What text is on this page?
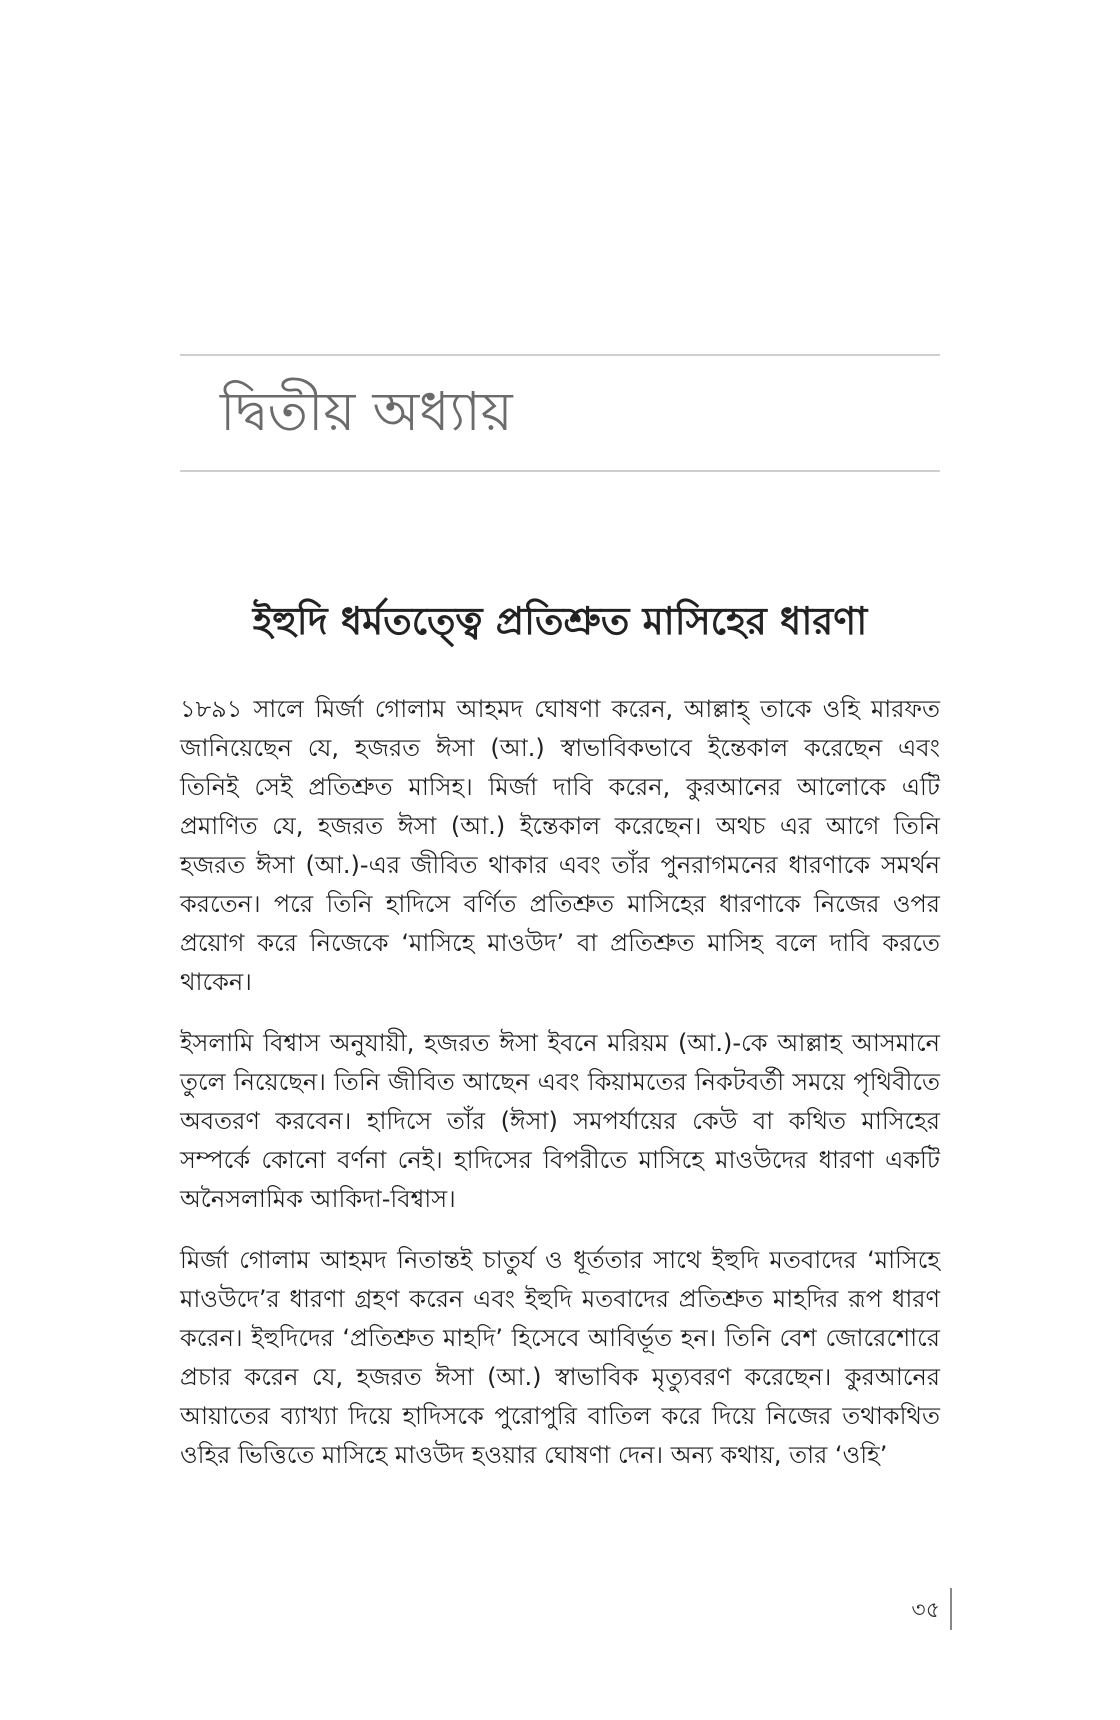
দ্বিতীয় অধ্যায়
ইহুদি ধর্মতত্ত্বে প্রতিশ্রুত মাসিহের ধারণা

১৮৯১ সালে মির্জা গোলাম আহমদ ঘোষণা করেন, আল্লাহ্ তাকে ওহি মারফত জানিয়েছেন যে, হজরত ঈসা (আ.) স্বাভাবিকভাবে ইন্তেকাল করেছেন এবং তিনিই সেই প্রতিশ্রুত মাসিহ। মির্জা দাবি করেন, কুরআনের আলোকে এটি প্রমাণিত যে, হজরত ঈসা (আ.) ইন্তেকাল করেছেন। অথচ এর আগে তিনি হজরত ঈসা (আ.)-এর জীবিত থাকার এবং তাঁর পুনরাগমনের ধারণাকে সমর্থন করতেন। পরে তিনি হাদিসে বর্ণিত প্রতিশ্রুত মাসিহের ধারণাকে নিজের ওপর প্রয়োগ করে নিজেকে ‘মাসিহে মাওউদ’ বা প্রতিশ্রুত মাসিহ বলে দাবি করতে থাকেন।

ইসলামি বিশ্বাস অনুযায়ী, হজরত ঈসা ইবনে মরিয়ম (আ.)-কে আল্লাহ আসমানে তুলে নিয়েছেন। তিনি জীবিত আছেন এবং কিয়ামতের নিকটবর্তী সময়ে পৃথিবীতে অবতরণ করবেন। হাদিসে তাঁর (ঈসা) সমপর্যায়ের কেউ বা কথিত মাসিহের সম্পর্কে কোনো বর্ণনা নেই। হাদিসের বিপরীতে মাসিহে মাওউদের ধারণা একটি অনৈসলামিক আকিদা-বিশ্বাস।

মির্জা গোলাম আহমদ নিতান্তই চাতুর্য ও ধূর্ততার সাথে ইহুদি মতবাদের ‘মাসিহে মাওউদে’র ধারণা গ্রহণ করেন এবং ইহুদি মতবাদের প্রতিশ্রুত মাহদির রূপ ধারণ করেন। ইহুদিদের ‘প্রতিশ্রুত মাহদি’ হিসেবে আবির্ভূত হন। তিনি বেশ জোরেশোরে প্রচার করেন যে, হজরত ঈসা (আ.) স্বাভাবিক মৃত্যুবরণ করেছেন। কুরআনের আয়াতের ব্যাখ্যা দিয়ে হাদিসকে পুরোপুরি বাতিল করে দিয়ে নিজের তথাকথিত ওহির ভিত্তিতে মাসিহে মাওউদ হওয়ার ঘোষণা দেন। অন্য কথায়, তার ‘ওহি’

৩৫
